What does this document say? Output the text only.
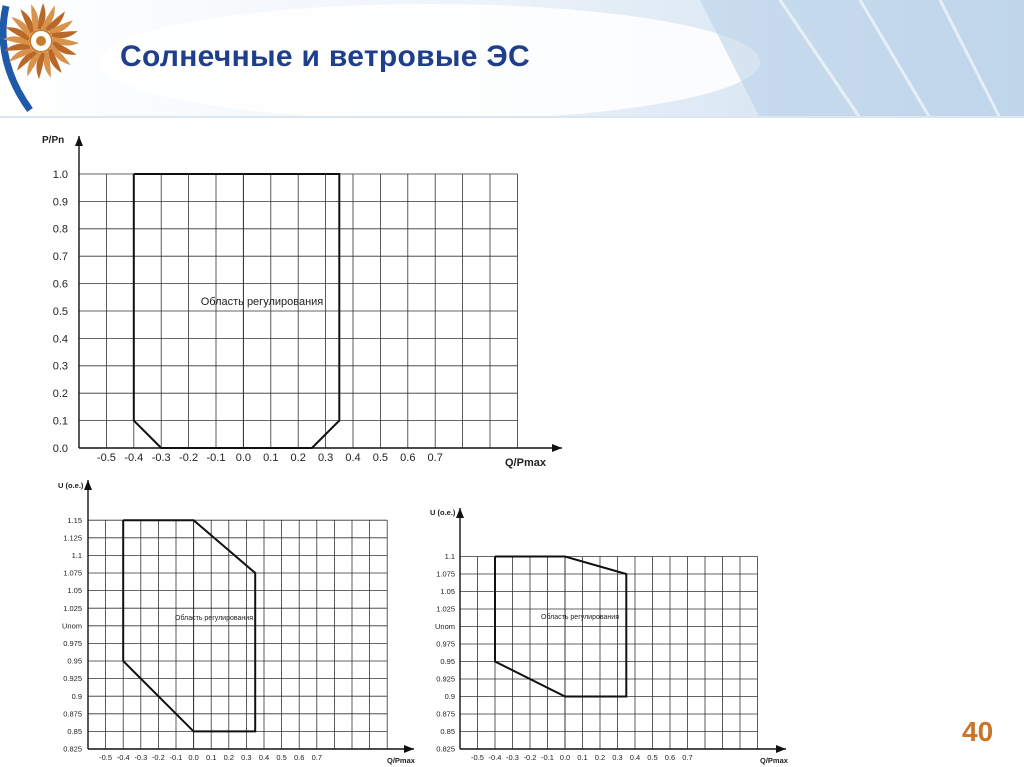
Солнечные и ветровые ЭС
-0.5 -0.4 -0.3 -0.2 -0.1 0.0 0.1 0.2 0.3 0.4 0.5 0.6 0.7
0.0
0.1
0.2
0.3
0.4
0.5
0.6
0.7
0.8
0.9
1.0
P/Pn
Q/Pmax
Область регулирования
-0.5 -0.4 -0.3 -0.2 -0.1 0.0 0.1 0.2 0.3 0.4 0.5 0.6 0.7
0.825
0.85
0.875
0.9
0.925
0.95
0.975
Unom
1.025
1.05
1.075
1.1
1.125
1.15
U (o.e.)
Q/Pmax
Область регулирования
-0.5 -0.4 -0.3 -0.2 -0.1 0.0 0.1 0.2 0.3 0.4 0.5 0.6 0.7
0.825
0.85
0.875
0.9
0.925
0.95
0.975
Unom
1.025
1.05
1.075
1.1
U (o.e.)
Q/Pmax
Область регулирования
40
